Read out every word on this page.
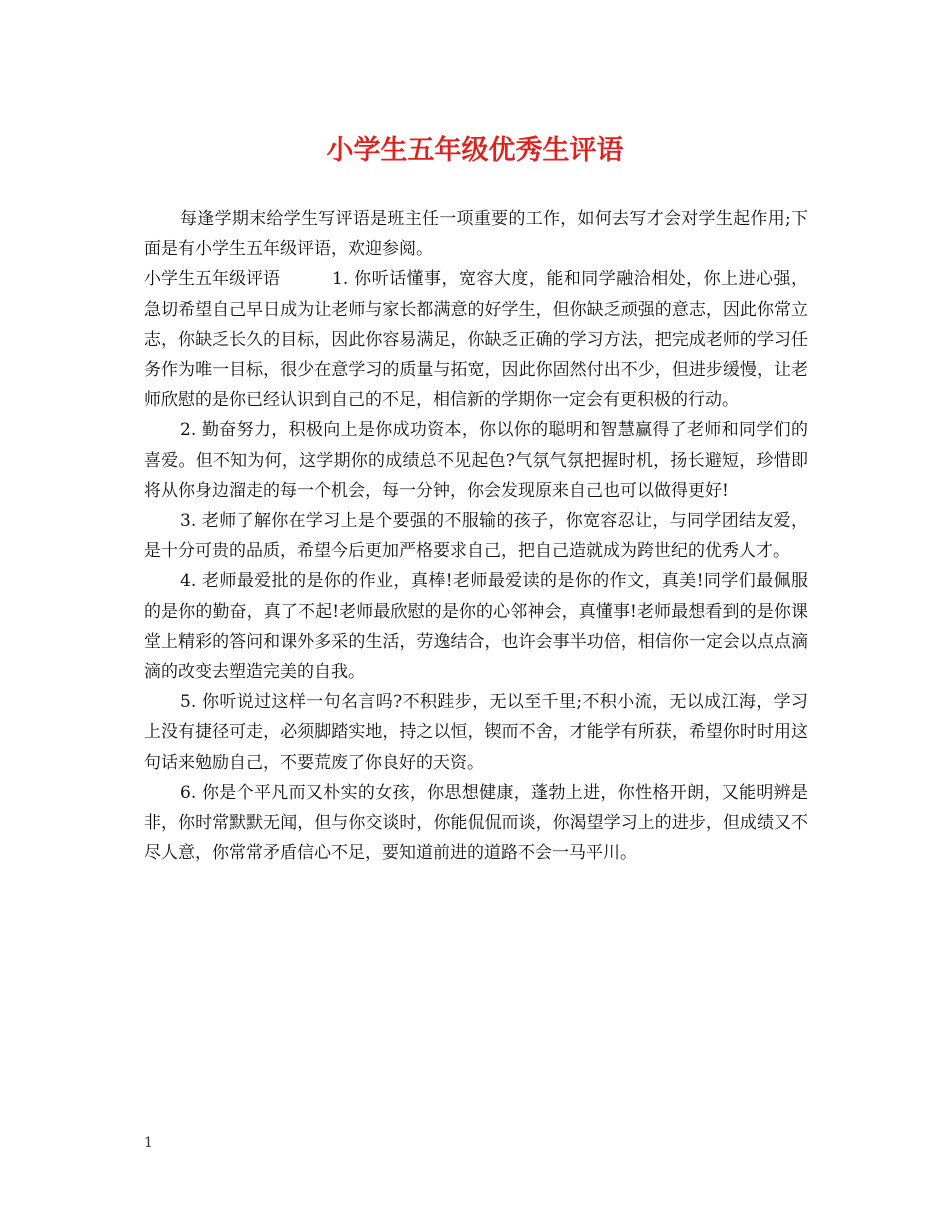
小学生五年级优秀生评语

每逢学期末给学生写评语是班主任一项重要的工作，如何去写才会对学生起作用;下面是有小学生五年级评语，欢迎参阅。

小学生五年级评语	1. 你听话懂事，宽容大度，能和同学融洽相处，你上进心强，急切希望自己早日成为让老师与家长都满意的好学生，但你缺乏顽强的意志，因此你常立志，你缺乏长久的目标，因此你容易满足，你缺乏正确的学习方法，把完成老师的学习任务作为唯一目标，很少在意学习的质量与拓宽，因此你固然付出不少，但进步缓慢，让老师欣慰的是你已经认识到自己的不足，相信新的学期你一定会有更积极的行动。

2. 勤奋努力，积极向上是你成功资本，你以你的聪明和智慧赢得了老师和同学们的喜爱。但不知为何，这学期你的成绩总不见起色?气氛气氛把握时机，扬长避短，珍惜即将从你身边溜走的每一个机会，每一分钟，你会发现原来自己也可以做得更好!

3. 老师了解你在学习上是个要强的不服输的孩子，你宽容忍让，与同学团结友爱，是十分可贵的品质，希望今后更加严格要求自己，把自己造就成为跨世纪的优秀人才。

4. 老师最爱批的是你的作业，真棒!老师最爱读的是你的作文，真美!同学们最佩服的是你的勤奋，真了不起!老师最欣慰的是你的心邻神会，真懂事!老师最想看到的是你课堂上精彩的答问和课外多采的生活，劳逸结合，也许会事半功倍，相信你一定会以点点滴滴的改变去塑造完美的自我。

5. 你听说过这样一句名言吗?不积跬步，无以至千里;不积小流，无以成江海，学习上没有捷径可走，必须脚踏实地，持之以恒，锲而不舍，才能学有所获，希望你时时用这句话来勉励自己，不要荒废了你良好的天资。

6. 你是个平凡而又朴实的女孩，你思想健康，蓬勃上进，你性格开朗，又能明辨是非，你时常默默无闻，但与你交谈时，你能侃侃而谈，你渴望学习上的进步，但成绩又不尽人意，你常常矛盾信心不足，要知道前进的道路不会一马平川。

1
